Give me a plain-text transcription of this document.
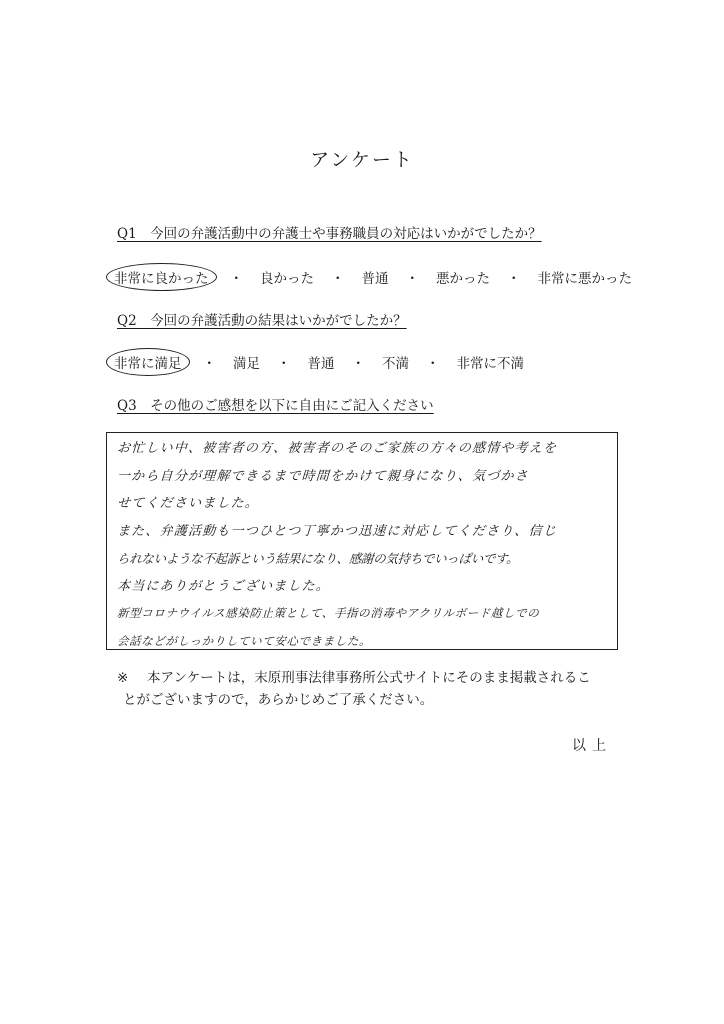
アンケート
Q1　今回の弁護活動中の弁護士や事務職員の対応はいかがでしたか？
非常に良かった	・ 良かった ・ 普通 ・ 悪かった ・ 非常に悪かった
Q2　今回の弁護活動の結果はいかがでしたか？
非常に満足	・ 満足 ・ 普通 ・ 不満 ・ 非常に不満
Q3　その他のご感想を以下に自由にご記入ください
お忙しい中、被害者の方、被害者のそのご家族の方々の感情や考えを
一から自分が理解できるまで時間をかけて親身になり、気づかさ
せてくださいました。
また、弁護活動も一つひとつ丁寧かつ迅速に対応してくださり、信じ
られないような不起訴という結果になり、感謝の気持ちでいっぱいです。
本当にありがとうございました。
新型コロナウイルス感染防止策として、手指の消毒やアクリルボード越しでの
会話などがしっかりしていて安心できました。
※ 本アンケートは，末原刑事法律事務所公式サイトにそのまま掲載されるこ
とがございますので，あらかじめご了承ください。
以上
